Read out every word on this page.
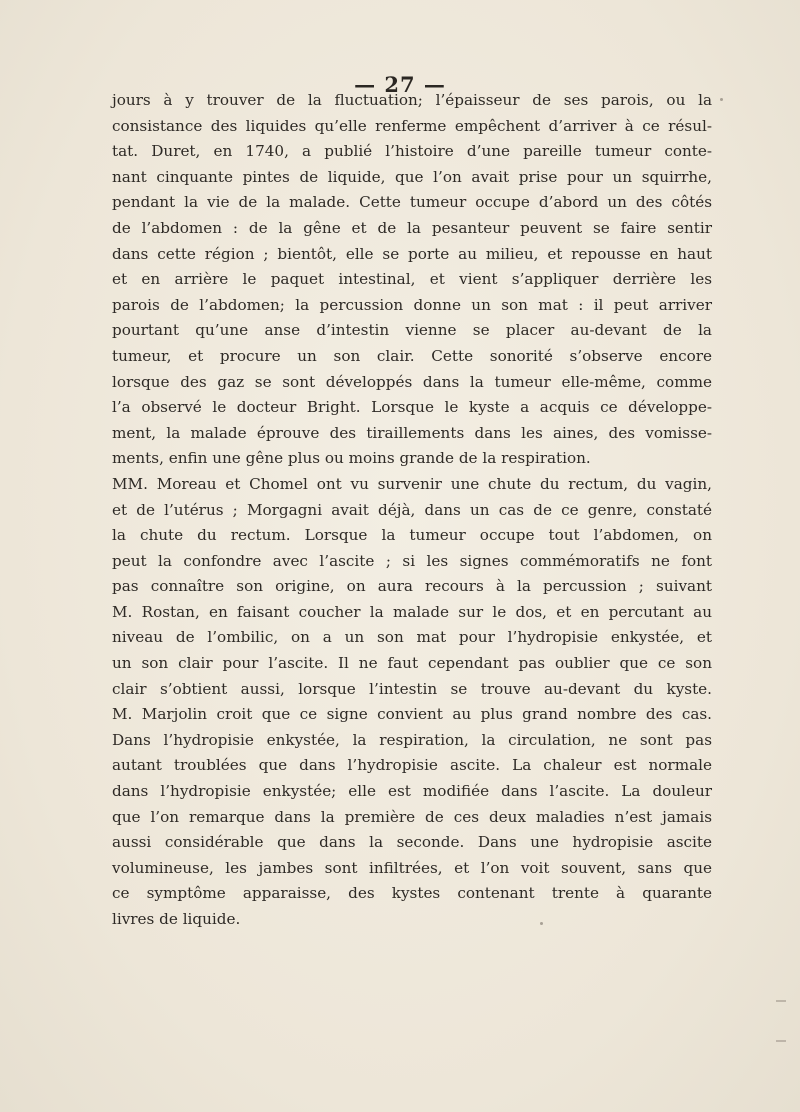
— 27 —
jours à y trouver de la fluctuation; l’épaisseur de ses parois, ou la
consistance des liquides qu’elle renferme empêchent d’arriver à ce résul-
tat. Duret, en 1740, a publié l’histoire d’une pareille tumeur conte-
nant cinquante pintes de liquide, que l’on avait prise pour un squirrhe,
pendant la vie de la malade. Cette tumeur occupe d’abord un des côtés
de l’abdomen : de la gêne et de la pesanteur peuvent se faire sentir
dans cette région ; bientôt, elle se porte au milieu, et repousse en haut
et en arrière le paquet intestinal, et vient s’appliquer derrière les
parois de l’abdomen; la percussion donne un son mat : il peut arriver
pourtant qu’une anse d’intestin vienne se placer au-devant de la
tumeur, et procure un son clair. Cette sonorité s’observe encore
lorsque des gaz se sont développés dans la tumeur elle-même, comme
l’a observé le docteur Bright. Lorsque le kyste a acquis ce développe-
ment, la malade éprouve des tiraillements dans les aines, des vomisse-
ments, enfin une gêne plus ou moins grande de la respiration.
MM. Moreau et Chomel ont vu survenir une chute du rectum, du vagin,
et de l’utérus ; Morgagni avait déjà, dans un cas de ce genre, constaté
la chute du rectum. Lorsque la tumeur occupe tout l’abdomen, on
peut la confondre avec l’ascite ; si les signes commémoratifs ne font
pas connaître son origine, on aura recours à la percussion ; suivant
M. Rostan, en faisant coucher la malade sur le dos, et en percutant au
niveau de l’ombilic, on a un son mat pour l’hydropisie enkystée, et
un son clair pour l’ascite. Il ne faut cependant pas oublier que ce son
clair s’obtient aussi, lorsque l’intestin se trouve au-devant du kyste.
M. Marjolin croit que ce signe convient au plus grand nombre des cas.
Dans l’hydropisie enkystée, la respiration, la circulation, ne sont pas
autant troublées que dans l’hydropisie ascite. La chaleur est normale
dans l’hydropisie enkystée; elle est modifiée dans l’ascite. La douleur
que l’on remarque dans la première de ces deux maladies n’est jamais
aussi considérable que dans la seconde. Dans une hydropisie ascite
volumineuse, les jambes sont infiltrées, et l’on voit souvent, sans que
ce symptôme apparaisse, des kystes contenant trente à quarante
livres de liquide.
